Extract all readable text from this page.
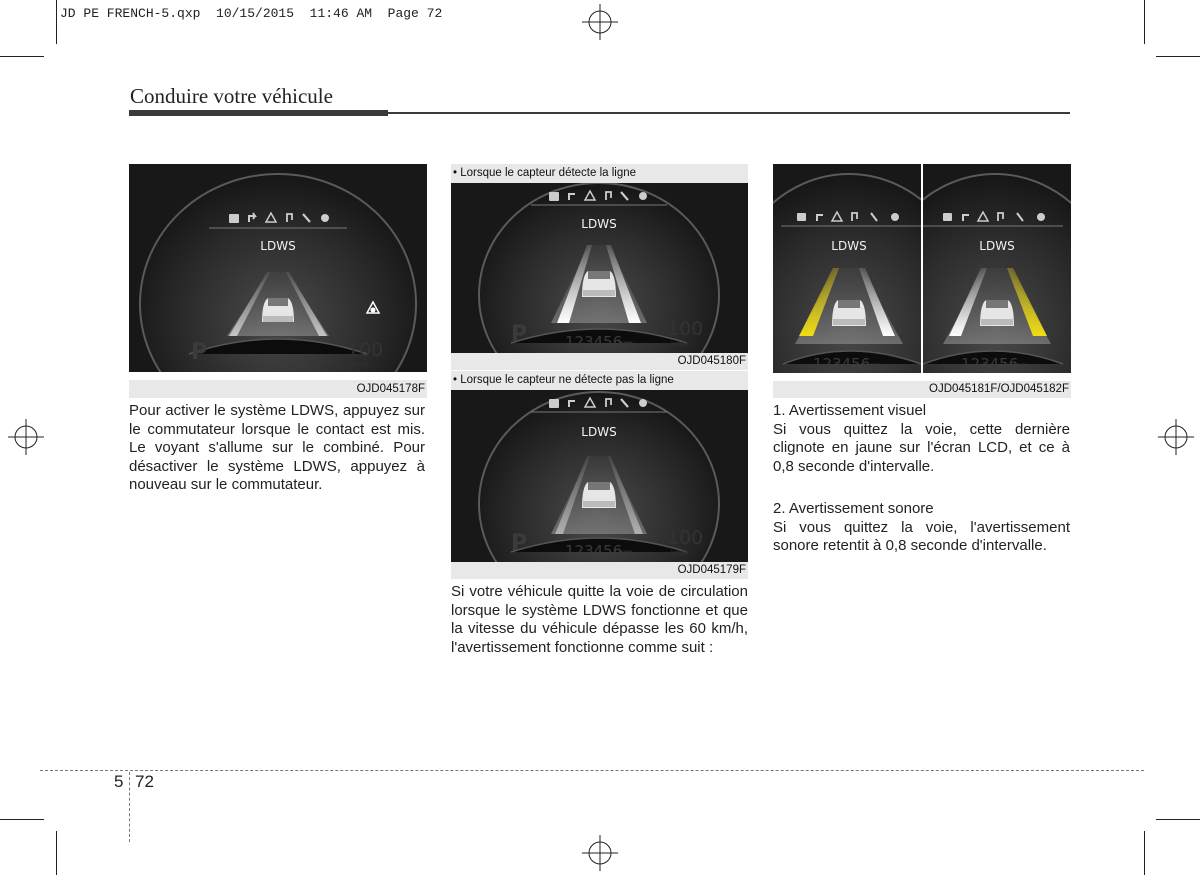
JD PE FRENCH-5.qxp  10/15/2015  11:46 AM  Page 72
Conduire votre véhicule
LDWS
123456
km
P	100
km/h
OJD045178F
• Lorsque le capteur détecte la ligne
LDWS
123456
km
P	100
km/h
OJD045180F
• Lorsque le capteur ne détecte pas la ligne
LDWS
123456
km
P	100
km/h
OJD045179F
LDWS
123456
km
LDWS
123456
km
OJD045181F/OJD045182F

Pour activer le système LDWS, appuyez sur le commutateur lorsque le contact est mis. Le voyant s'allume sur le combiné. Pour désactiver le système LDWS, appuyez à nouveau sur le commutateur.

Si votre véhicule quitte la voie de circulation lorsque le système LDWS fonctionne et que la vitesse du véhicule dépasse les 60 km/h, l'avertissement fonctionne comme suit :

1. Avertissement visuel

Si vous quittez la voie, cette dernière clignote en jaune sur l'écran LCD, et ce à 0,8 seconde d'intervalle.

2. Avertissement sonore

Si vous quittez la voie, l'avertissement sonore retentit à 0,8 seconde d'intervalle.

5 72
